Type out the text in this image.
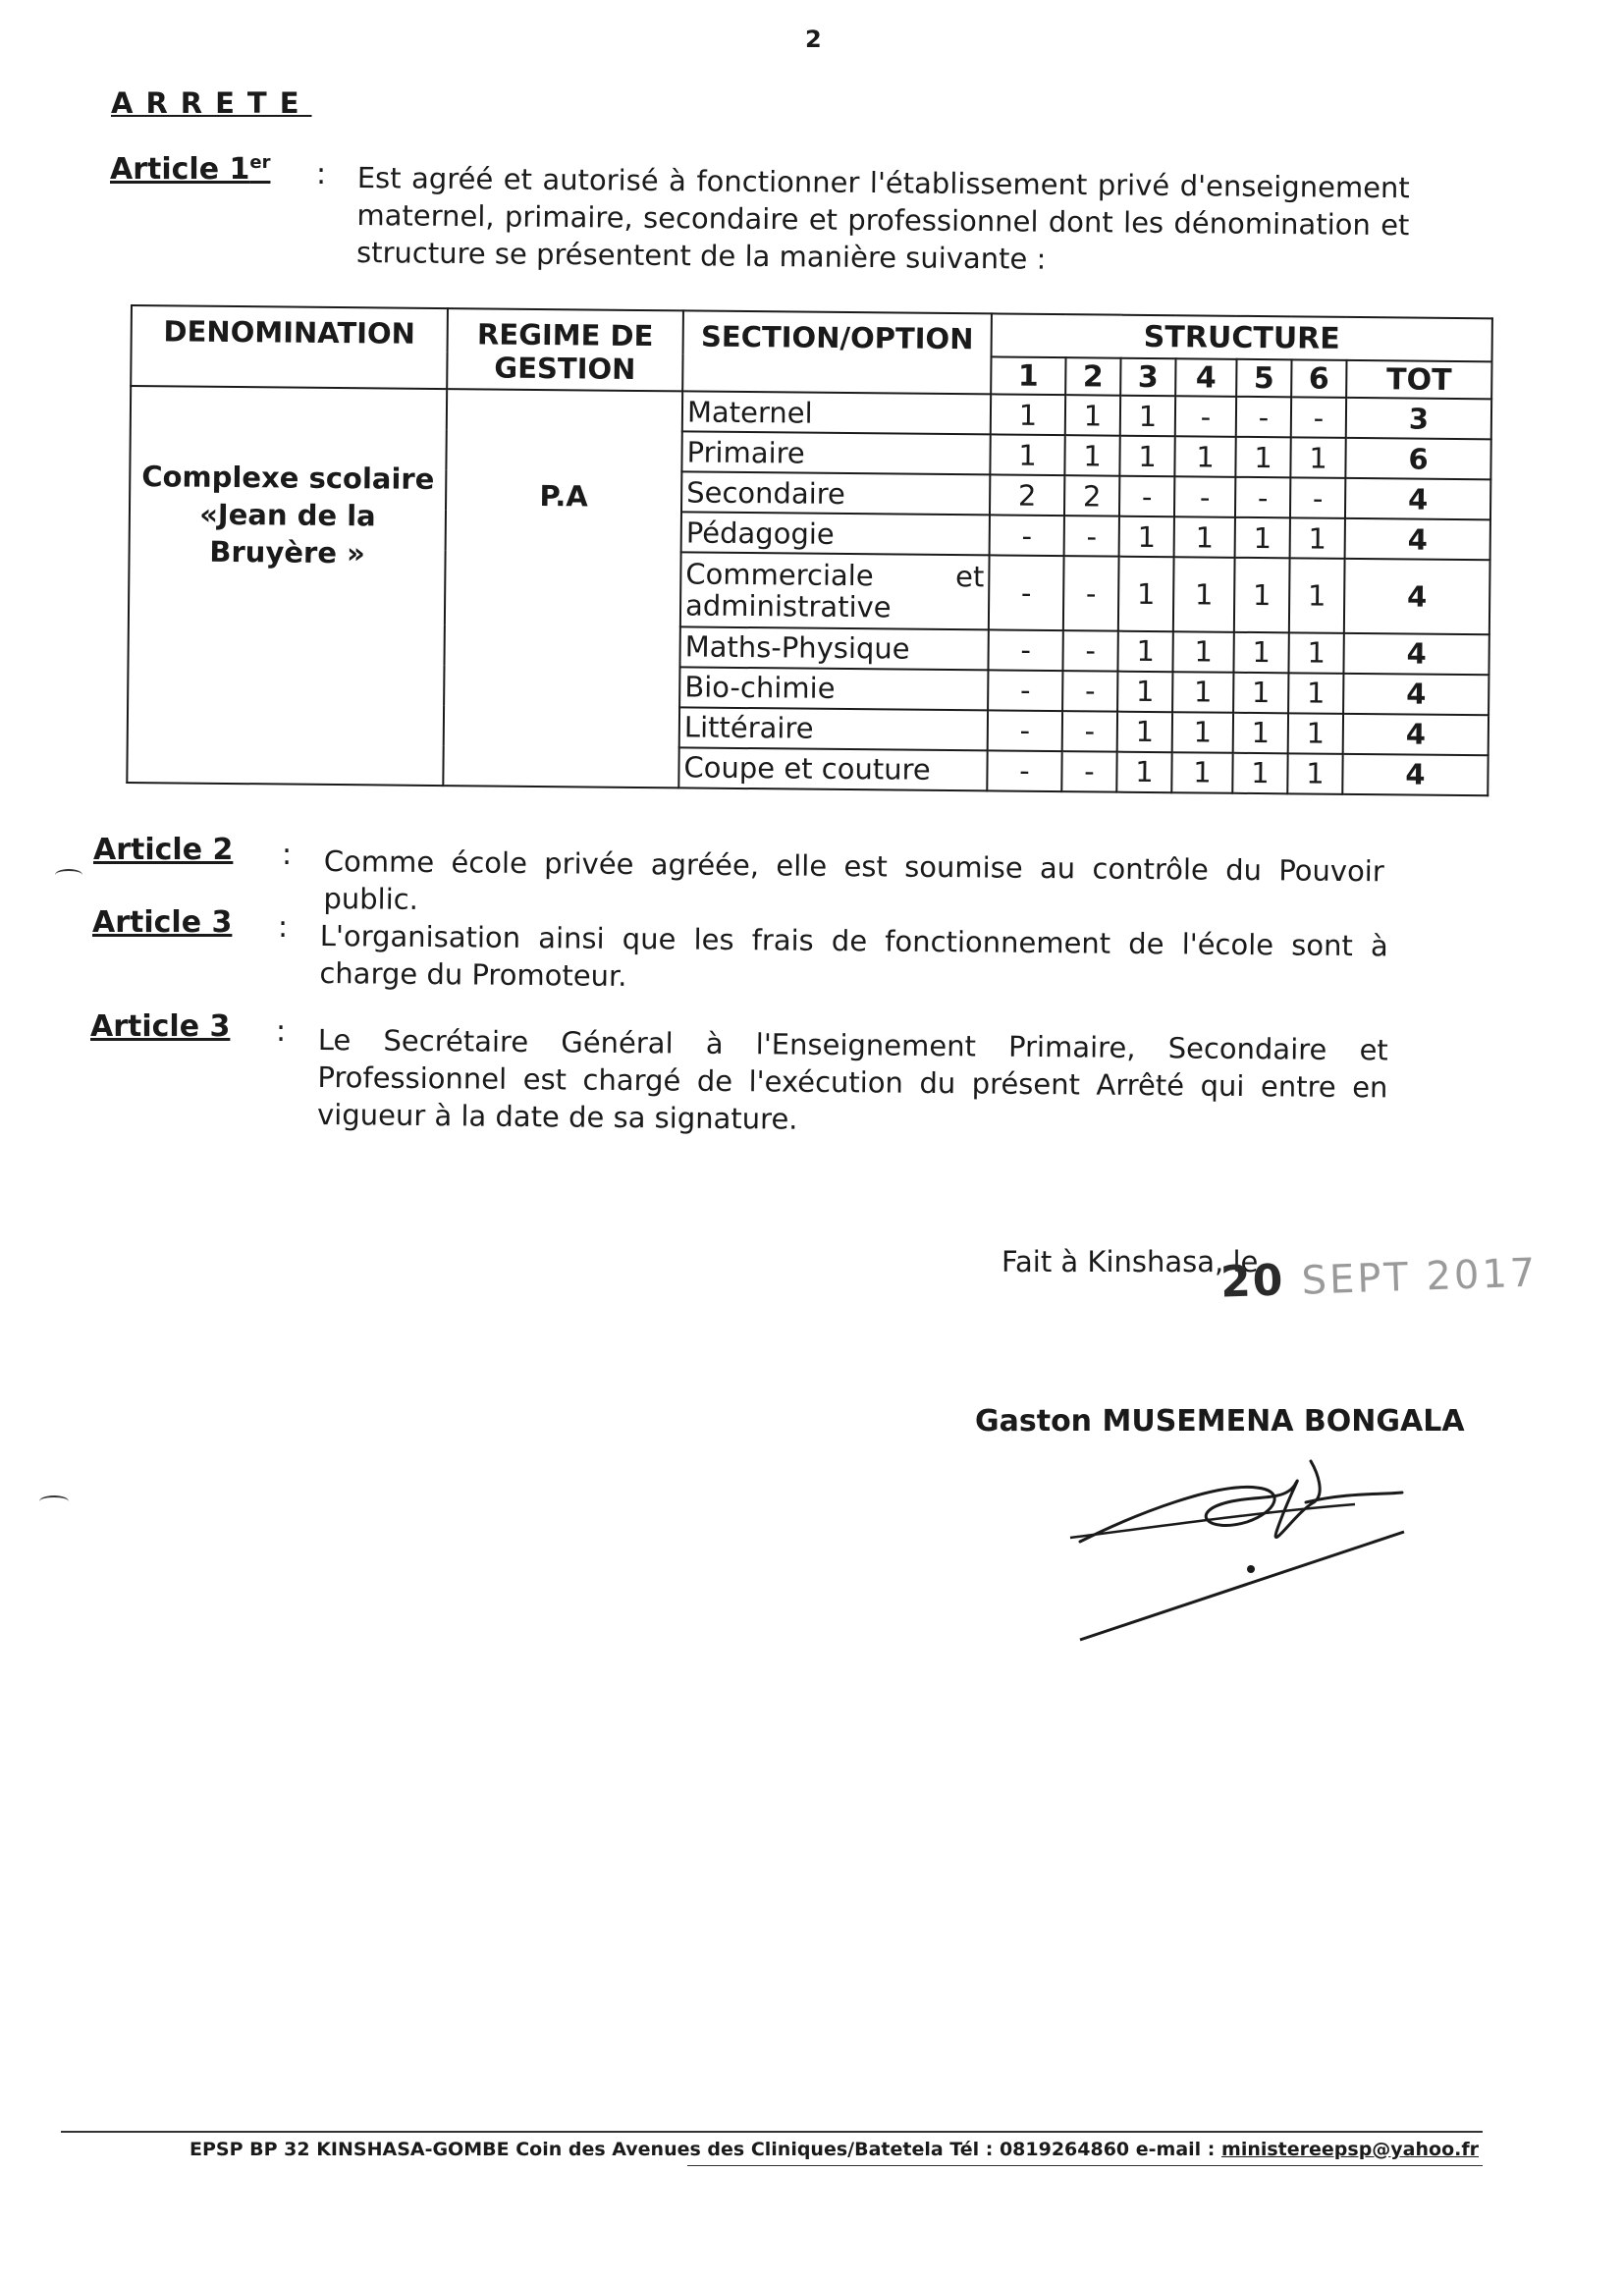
2
ARRETE
Article 1er : Est agréé et autorisé à fonctionner l'établissement privé d'enseignement maternel, primaire, secondaire et professionnel dont les dénomination et structure se présentent de la manière suivante :
DENOMINATION	REGIME DE GESTION	SECTION/OPTION	STRUCTURE						
			1	2	3	4	5	6	TOT
Complexe scolaire «Jean de la Bruyère »	P.A	Maternel	1	1	1	-	-	-	3
		Primaire	1	1	1	1	1	1	6
		Secondaire	2	2	-	-	-	-	4
		Pédagogie	-	-	1	1	1	1	4
		Commerciale et administrative	-	-	1	1	1	1	4
		Maths-Physique	-	-	1	1	1	1	4
		Bio-chimie	-	-	1	1	1	1	4
		Littéraire	-	-	1	1	1	1	4
		Coupe et couture	-	-	1	1	1	1	4
Article 2 : Comme école privée agréée, elle est soumise au contrôle du Pouvoir public.
Article 3 : L'organisation ainsi que les frais de fonctionnement de l'école sont à charge du Promoteur.
Article 3 : Le Secrétaire Général à l'Enseignement Primaire, Secondaire et Professionnel est chargé de l'exécution du présent Arrêté qui entre en vigueur à la date de sa signature.
Fait à Kinshasa, le
20 SEPT 2017
Gaston MUSEMENA BONGALA
EPSP BP 32 KINSHASA-GOMBE Coin des Avenues des Cliniques/Batetela Tél : 0819264860 e-mail : ministereepsp@yahoo.fr
